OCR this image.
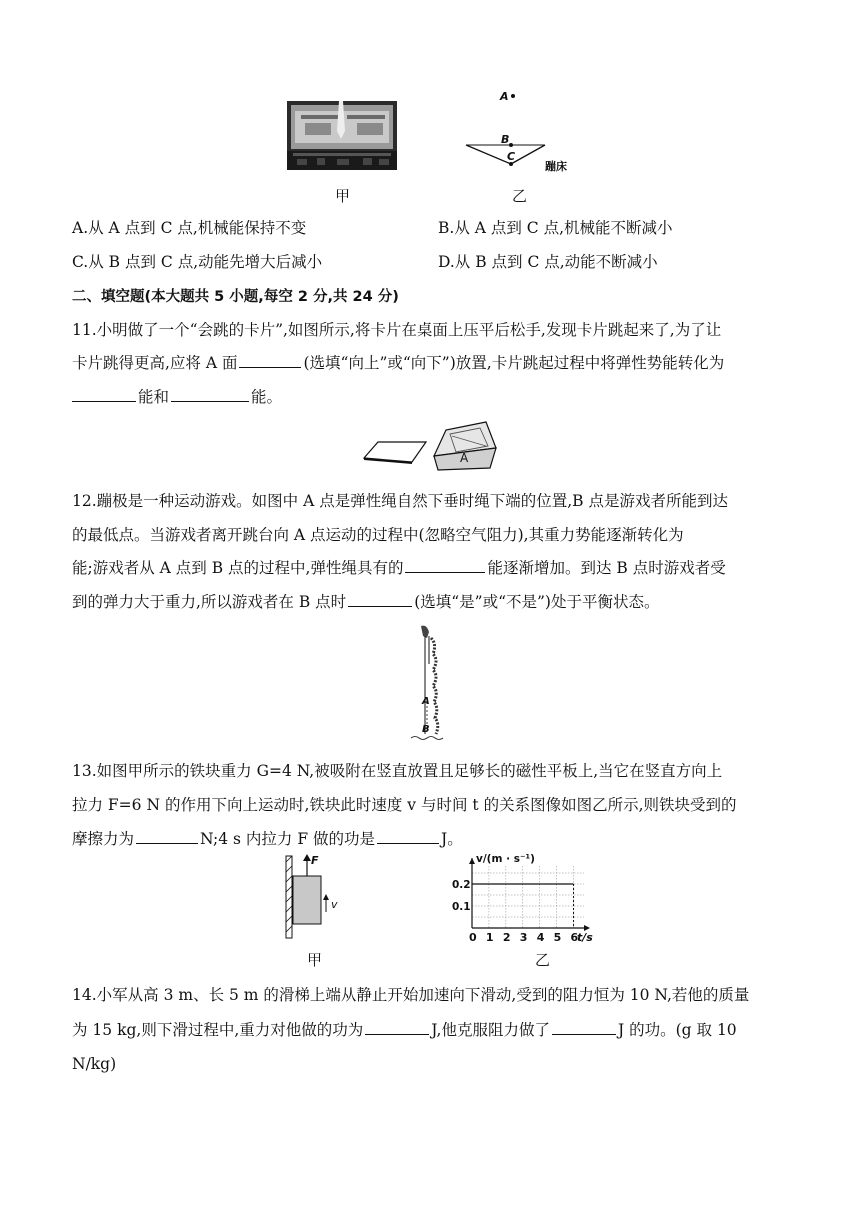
甲
A
B
C
蹦床
乙
A.从 A 点到 C 点,机械能保持不变	B.从 A 点到 C 点,机械能不断减小
C.从 B 点到 C 点,动能先增大后减小	D.从 B 点到 C 点,动能不断减小
二、填空题(本大题共 5 小题,每空 2 分,共 24 分)
11.小明做了一个“会跳的卡片”,如图所示,将卡片在桌面上压平后松手,发现卡片跳起来了,为了让
卡片跳得更高,应将 A 面	(选填“向上”或“向下”)放置,卡片跳起过程中将弹性势能转化为
能和	能。
A
12.蹦极是一种运动游戏。如图中 A 点是弹性绳自然下垂时绳下端的位置,B 点是游戏者所能到达
的最低点。当游戏者离开跳台向 A 点运动的过程中(忽略空气阻力),其重力势能逐渐转化为
能;游戏者从 A 点到 B 点的过程中,弹性绳具有的	能逐渐增加。到达 B 点时游戏者受
到的弹力大于重力,所以游戏者在 B 点时	(选填“是”或“不是”)处于平衡状态。
A
B
13.如图甲所示的铁块重力 G=4 N,被吸附在竖直放置且足够长的磁性平板上,当它在竖直方向上
拉力 F=6 N 的作用下向上运动时,铁块此时速度 v 与时间 t 的关系图像如图乙所示,则铁块受到的
摩擦力为	N;4 s 内拉力 F 做的功是	J。
F
v
甲
v/(m · s⁻¹)
t/s
0 1 2 3 4 5 6
0.1
0.2
乙
14.小军从高 3 m、长 5 m 的滑梯上端从静止开始加速向下滑动,受到的阻力恒为 10 N,若他的质量
为 15 kg,则下滑过程中,重力对他做的功为	J,他克服阻力做了	J 的功。(g 取 10
N/kg)
